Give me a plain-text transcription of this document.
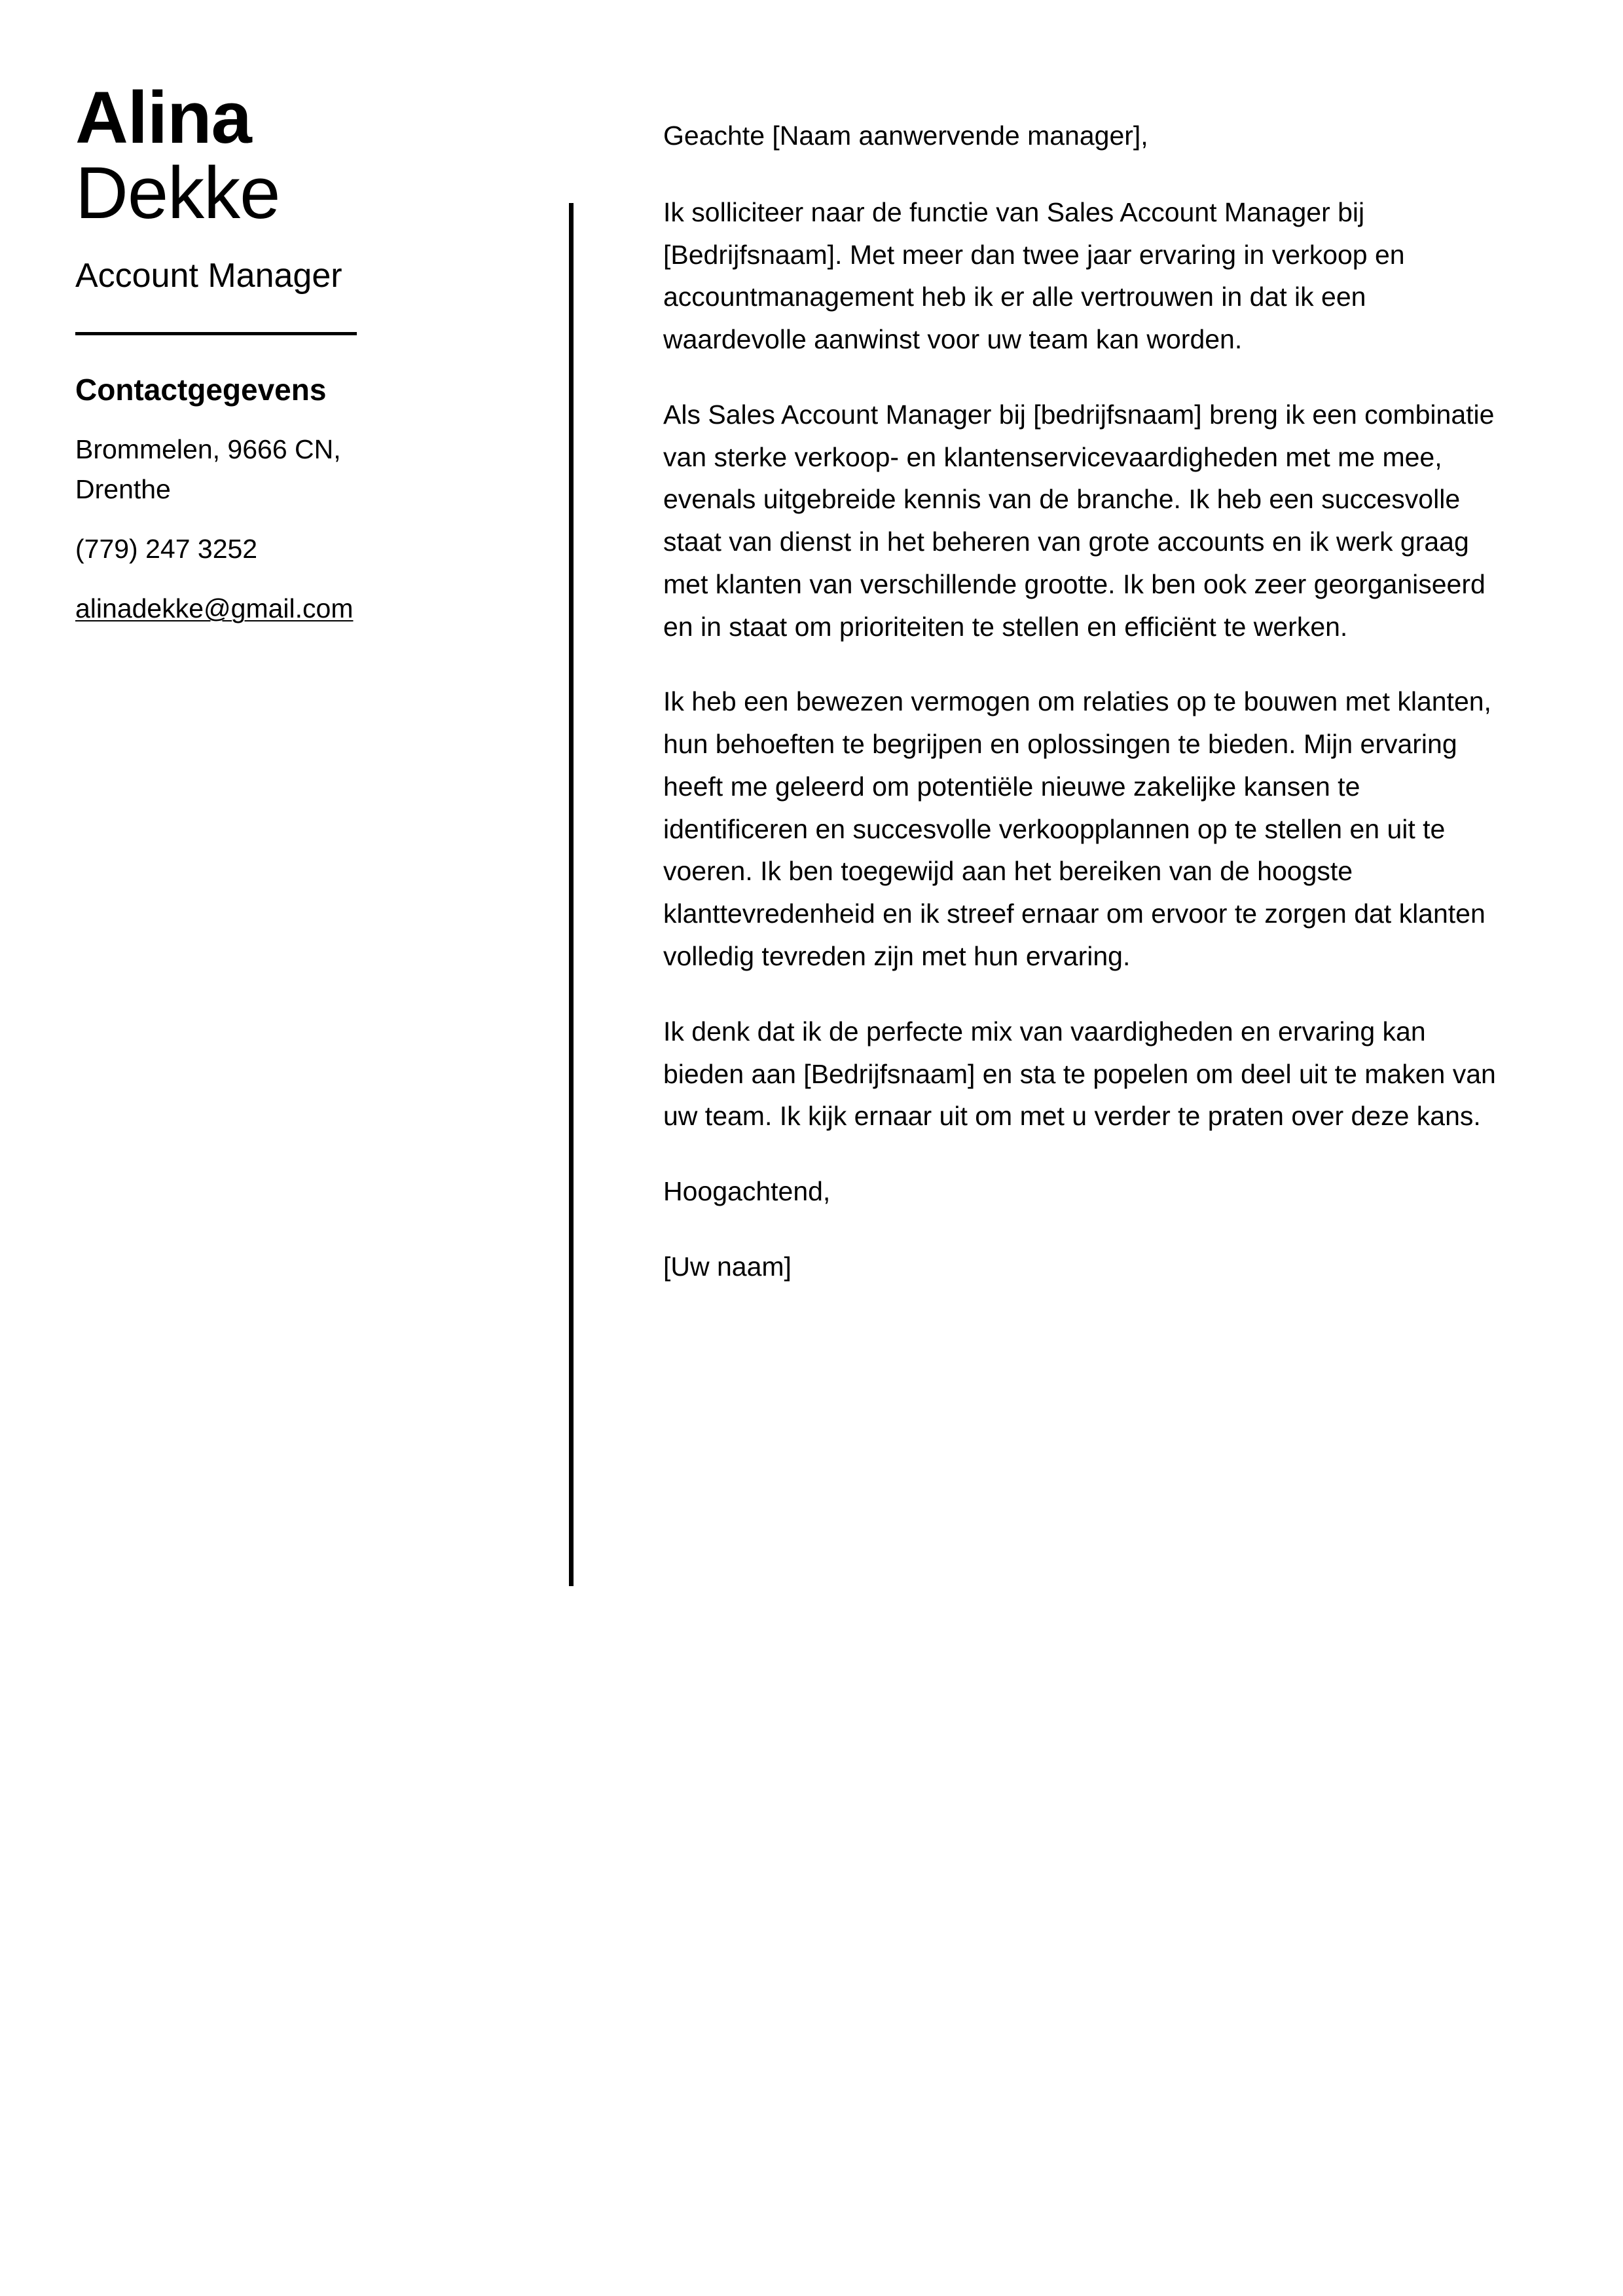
Alina
Dekke
Account Manager
Contactgegevens
Brommelen, 9666 CN, Drenthe
(779) 247 3252
alinadekke@gmail.com

Geachte [Naam aanwervende manager],

Ik solliciteer naar de functie van Sales Account Manager bij [Bedrijfsnaam]. Met meer dan twee jaar ervaring in verkoop en accountmanagement heb ik er alle vertrouwen in dat ik een waardevolle aanwinst voor uw team kan worden.

Als Sales Account Manager bij [bedrijfsnaam] breng ik een combinatie van sterke verkoop- en klantenservicevaardigheden met me mee, evenals uitgebreide kennis van de branche. Ik heb een succesvolle staat van dienst in het beheren van grote accounts en ik werk graag met klanten van verschillende grootte. Ik ben ook zeer georganiseerd en in staat om prioriteiten te stellen en efficiënt te werken.

Ik heb een bewezen vermogen om relaties op te bouwen met klanten, hun behoeften te begrijpen en oplossingen te bieden. Mijn ervaring heeft me geleerd om potentiële nieuwe zakelijke kansen te identificeren en succesvolle verkoopplannen op te stellen en uit te voeren. Ik ben toegewijd aan het bereiken van de hoogste klanttevredenheid en ik streef ernaar om ervoor te zorgen dat klanten volledig tevreden zijn met hun ervaring.

Ik denk dat ik de perfecte mix van vaardigheden en ervaring kan bieden aan [Bedrijfsnaam] en sta te popelen om deel uit te maken van uw team. Ik kijk ernaar uit om met u verder te praten over deze kans.

Hoogachtend,

[Uw naam]
